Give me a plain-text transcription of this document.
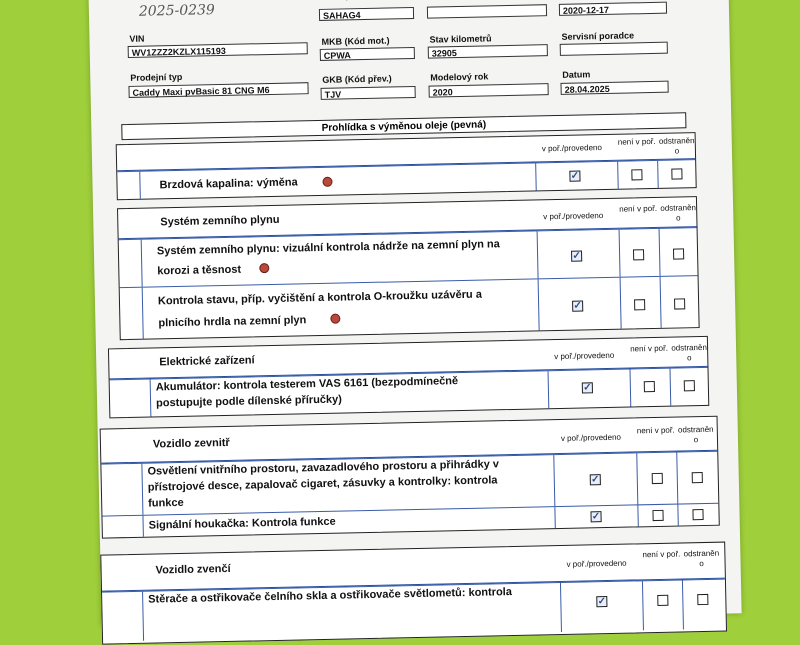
2025-0239	SAHAG4	2020-12-17
VIN
WV1ZZZ2KZLX115193
MKB (Kód mot.)
CPWA
Stav kilometrů
32905
Servisní poradce
Prodejní typ
Caddy Maxi pvBasic 81 CNG M6
GKB (Kód přev.)
TJV
Modelový rok
2020
Datum
28.04.2025
Prohlídka s výměnou oleje (pevná)
v poř./provedeno
není v poř. odstraněn o
Brzdová kapalina: výměna
✓
Systém zemního plynu	v poř./provedeno
není v poř. odstraněn o
Systém zemního plynu: vizuální kontrola nádrže na zemní plyn na
korozi a těsnost
✓
Kontrola stavu, příp. vyčištění a kontrola O-kroužku uzávěru a
plnicího hrdla na zemní plyn
✓
Elektrické zařízení	v poř./provedeno
není v poř. odstraněn o
Akumulátor: kontrola testerem VAS 6161 (bezpodmínečně
postupujte podle dílenské příručky)
✓
Vozidlo zevnitř	v poř./provedeno
není v poř. odstraněn o
Osvětlení vnitřního prostoru, zavazadlového prostoru a přihrádky v
přístrojové desce, zapalovač cigaret, zásuvky a kontrolky: kontrola
funkce
✓
Signální houkačka: Kontrola funkce	✓
Vozidlo zvenčí	v poř./provedeno
není v poř. odstraněn o
Stěrače a ostřikovače čelního skla a ostřikovače světlometů: kontrola	✓
